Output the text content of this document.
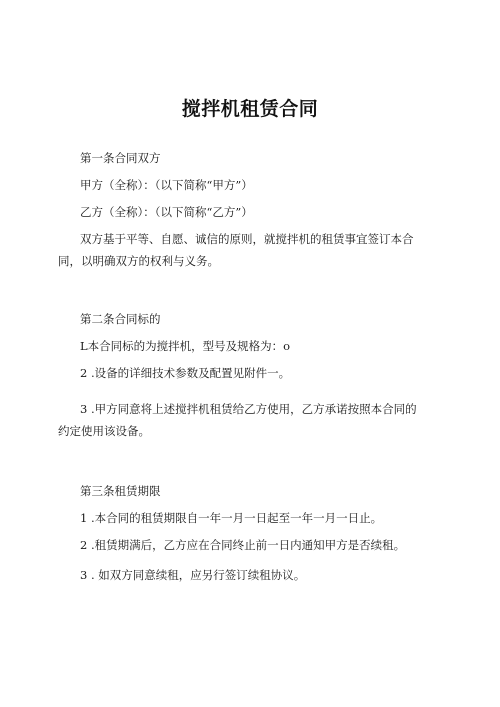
搅拌机租赁合同
第一条合同双方
甲方（全称）：（以下简称“甲方”）
乙方（全称）：（以下简称“乙方”）
双方基于平等、自愿、诚信的原则，就搅拌机的租赁事宜签订本合同，以明确双方的权利与义务。
第二条合同标的
L本合同标的为搅拌机，型号及规格为：o
2 .设备的详细技术参数及配置见附件一。
3 .甲方同意将上述搅拌机租赁给乙方使用，乙方承诺按照本合同的约定使用该设备。
第三条租赁期限
1 .本合同的租赁期限自一年一月一日起至一年一月一日止。
2 .租赁期满后，乙方应在合同终止前一日内通知甲方是否续租。
3 . 如双方同意续租，应另行签订续租协议。
